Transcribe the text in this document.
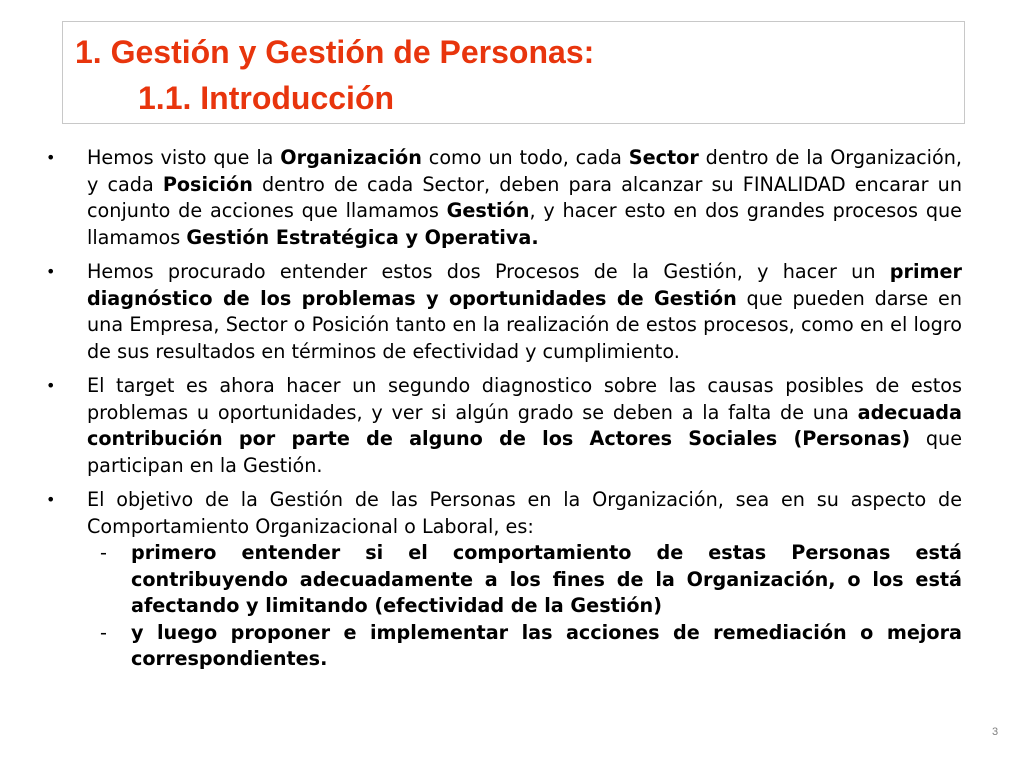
1. Gestión y Gestión de Personas:
1.1. Introducción
• Hemos visto que la Organización como un todo, cada Sector dentro de la Organización, y cada Posición dentro de cada Sector, deben para alcanzar su FINALIDAD encarar un conjunto de acciones que llamamos Gestión, y hacer esto en dos grandes procesos que llamamos Gestión Estratégica y Operativa.
• Hemos procurado entender estos dos Procesos de la Gestión, y hacer un primer diagnóstico de los problemas y oportunidades de Gestión que pueden darse en una Empresa, Sector o Posición tanto en la realización de estos procesos, como en el logro de sus resultados en términos de efectividad y cumplimiento.
• El target es ahora hacer un segundo diagnostico sobre las causas posibles de estos problemas u oportunidades, y ver si algún grado se deben a la falta de una adecuada contribución por parte de alguno de los Actores Sociales (Personas) que participan en la Gestión.
• El objetivo de la Gestión de las Personas en la Organización, sea en su aspecto de Comportamiento Organizacional o Laboral, es:
- primero entender si el comportamiento de estas Personas está contribuyendo adecuadamente a los fines de la Organización, o los está afectando y limitando (efectividad de la Gestión)
- y luego proponer e implementar las acciones de remediación o mejora correspondientes.
3
